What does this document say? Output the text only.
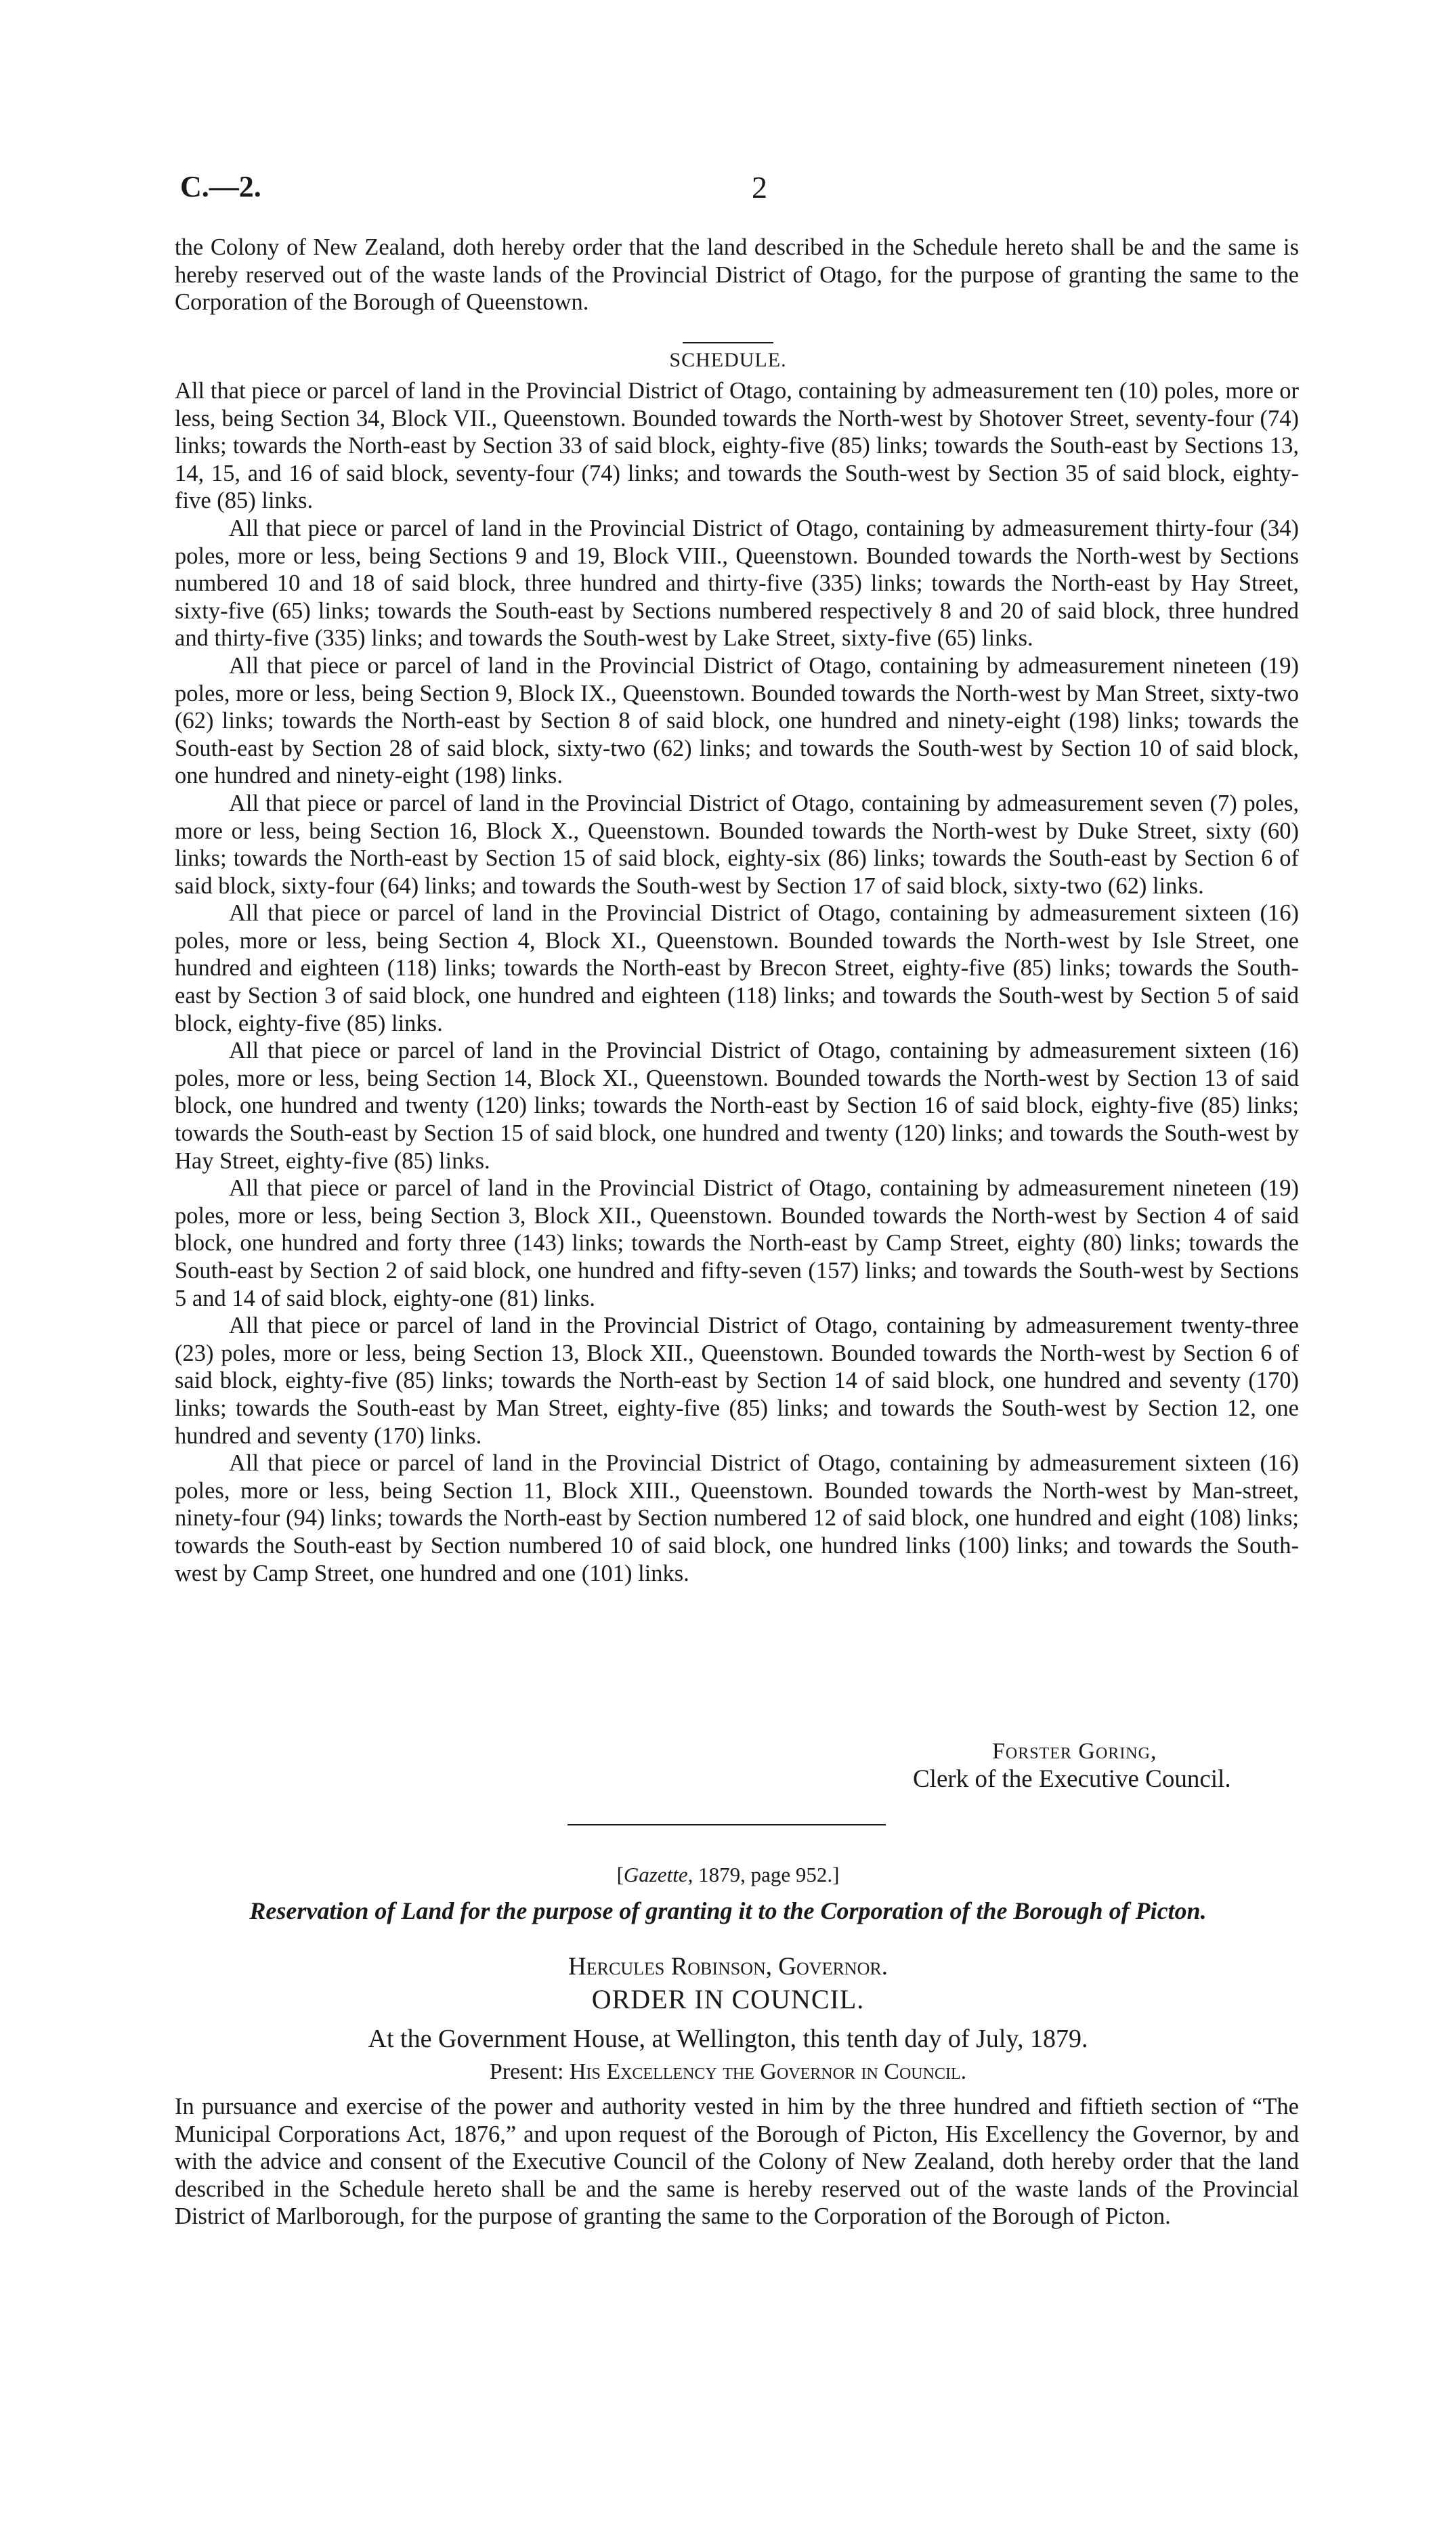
C.—2.	2

the Colony of New Zealand, doth hereby order that the land described in the Schedule hereto shall be and the same is hereby reserved out of the waste lands of the Provincial District of Otago, for the purpose of granting the same to the Corporation of the Borough of Queenstown.

SCHEDULE.

All that piece or parcel of land in the Provincial District of Otago, containing by admeasurement ten (10) poles, more or less, being Section 34, Block VII., Queenstown. Bounded towards the North-west by Shotover Street, seventy-four (74) links; towards the North-east by Section 33 of said block, eighty-five (85) links; towards the South-east by Sections 13, 14, 15, and 16 of said block, seventy-four (74) links; and towards the South-west by Section 35 of said block, eighty-five (85) links.

All that piece or parcel of land in the Provincial District of Otago, containing by admeasurement thirty-four (34) poles, more or less, being Sections 9 and 19, Block VIII., Queenstown. Bounded towards the North-west by Sections numbered 10 and 18 of said block, three hundred and thirty-five (335) links; towards the North-east by Hay Street, sixty-five (65) links; towards the South-east by Sections numbered respectively 8 and 20 of said block, three hundred and thirty-five (335) links; and towards the South-west by Lake Street, sixty-five (65) links.

All that piece or parcel of land in the Provincial District of Otago, containing by admeasurement nineteen (19) poles, more or less, being Section 9, Block IX., Queenstown. Bounded towards the North-west by Man Street, sixty-two (62) links; towards the North-east by Section 8 of said block, one hundred and ninety-eight (198) links; towards the South-east by Section 28 of said block, sixty-two (62) links; and towards the South-west by Section 10 of said block, one hundred and ninety-eight (198) links.

All that piece or parcel of land in the Provincial District of Otago, containing by admeasurement seven (7) poles, more or less, being Section 16, Block X., Queenstown. Bounded towards the North-west by Duke Street, sixty (60) links; towards the North-east by Section 15 of said block, eighty-six (86) links; towards the South-east by Section 6 of said block, sixty-four (64) links; and towards the South-west by Section 17 of said block, sixty-two (62) links.

All that piece or parcel of land in the Provincial District of Otago, containing by admeasurement sixteen (16) poles, more or less, being Section 4, Block XI., Queenstown. Bounded towards the North-west by Isle Street, one hundred and eighteen (118) links; towards the North-east by Brecon Street, eighty-five (85) links; towards the South-east by Section 3 of said block, one hundred and eighteen (118) links; and towards the South-west by Section 5 of said block, eighty-five (85) links.

All that piece or parcel of land in the Provincial District of Otago, containing by admeasurement sixteen (16) poles, more or less, being Section 14, Block XI., Queenstown. Bounded towards the North-west by Section 13 of said block, one hundred and twenty (120) links; towards the North-east by Section 16 of said block, eighty-five (85) links; towards the South-east by Section 15 of said block, one hundred and twenty (120) links; and towards the South-west by Hay Street, eighty-five (85) links.

All that piece or parcel of land in the Provincial District of Otago, containing by admeasurement nineteen (19) poles, more or less, being Section 3, Block XII., Queenstown. Bounded towards the North-west by Section 4 of said block, one hundred and forty three (143) links; towards the North-east by Camp Street, eighty (80) links; towards the South-east by Section 2 of said block, one hundred and fifty-seven (157) links; and towards the South-west by Sections 5 and 14 of said block, eighty-one (81) links.

All that piece or parcel of land in the Provincial District of Otago, containing by admeasurement twenty-three (23) poles, more or less, being Section 13, Block XII., Queenstown. Bounded towards the North-west by Section 6 of said block, eighty-five (85) links; towards the North-east by Section 14 of said block, one hundred and seventy (170) links; towards the South-east by Man Street, eighty-five (85) links; and towards the South-west by Section 12, one hundred and seventy (170) links.

All that piece or parcel of land in the Provincial District of Otago, containing by admeasurement sixteen (16) poles, more or less, being Section 11, Block XIII., Queenstown. Bounded towards the North-west by Man-street, ninety-four (94) links; towards the North-east by Section numbered 12 of said block, one hundred and eight (108) links; towards the South-east by Section numbered 10 of said block, one hundred links (100) links; and towards the South-west by Camp Street, one hundred and one (101) links.

Forster Goring,
Clerk of the Executive Council.
[Gazette, 1879, page 952.]
Reservation of Land for the purpose of granting it to the Corporation of the Borough of Picton.
Hercules Robinson, Governor.
ORDER IN COUNCIL.
At the Government House, at Wellington, this tenth day of July, 1879.
Present: His Excellency the Governor in Council.

In pursuance and exercise of the power and authority vested in him by the three hundred and fiftieth section of “The Municipal Corporations Act, 1876,” and upon request of the Borough of Picton, His Excellency the Governor, by and with the advice and consent of the Executive Council of the Colony of New Zealand, doth hereby order that the land described in the Schedule hereto shall be and the same is hereby reserved out of the waste lands of the Provincial District of Marlborough, for the purpose of granting the same to the Corporation of the Borough of Picton.
